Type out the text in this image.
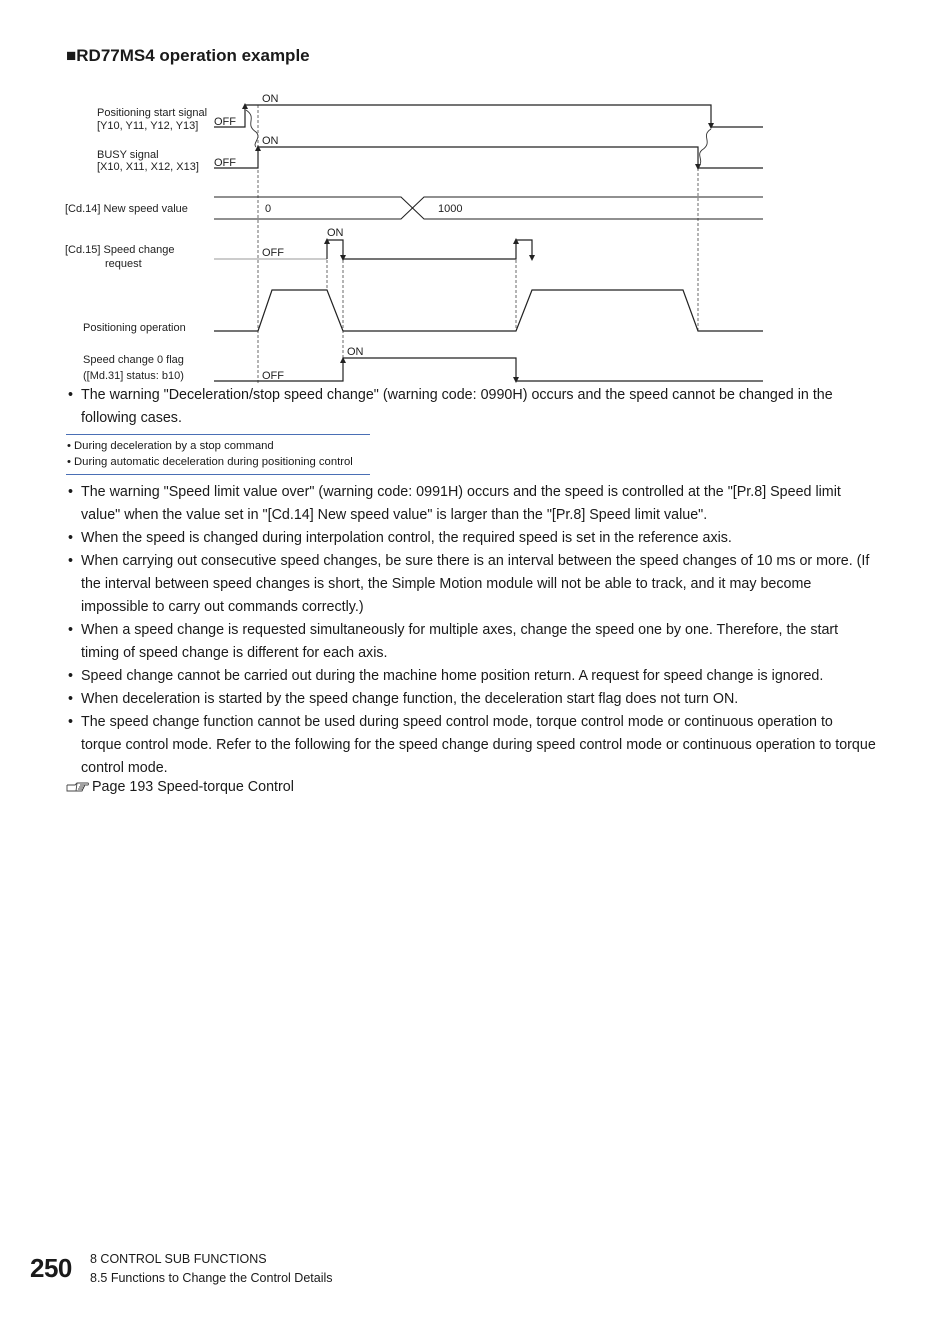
■RD77MS4 operation example
Positioning start signal
[Y10, Y11, Y12, Y13]
BUSY signal
[X10, X11, X12, X13]
[Cd.14] New speed value
[Cd.15] Speed change
request
Positioning operation
Speed change 0 flag
([Md.31] status: b10)
OFF
ON
OFF
ON
0	1000
OFF
ON
OFF
ON
• The warning "Deceleration/stop speed change" (warning code: 0990H) occurs and the speed cannot be changed in the following cases.
• During deceleration by a stop command
• During automatic deceleration during positioning control
• The warning "Speed limit value over" (warning code: 0991H) occurs and the speed is controlled at the "[Pr.8] Speed limit value" when the value set in "[Cd.14] New speed value" is larger than the "[Pr.8] Speed limit value".
• When the speed is changed during interpolation control, the required speed is set in the reference axis.
• When carrying out consecutive speed changes, be sure there is an interval between the speed changes of 10 ms or more. (If the interval between speed changes is short, the Simple Motion module will not be able to track, and it may become impossible to carry out commands correctly.)
• When a speed change is requested simultaneously for multiple axes, change the speed one by one. Therefore, the start timing of speed change is different for each axis.
• Speed change cannot be carried out during the machine home position return. A request for speed change is ignored.
• When deceleration is started by the speed change function, the deceleration start flag does not turn ON.
• The speed change function cannot be used during speed control mode, torque control mode or continuous operation to torque control mode. Refer to the following for the speed change during speed control mode or continuous operation to torque control mode.
Page 193 Speed-torque Control
250 8 CONTROL SUB FUNCTIONS
8.5 Functions to Change the Control Details
